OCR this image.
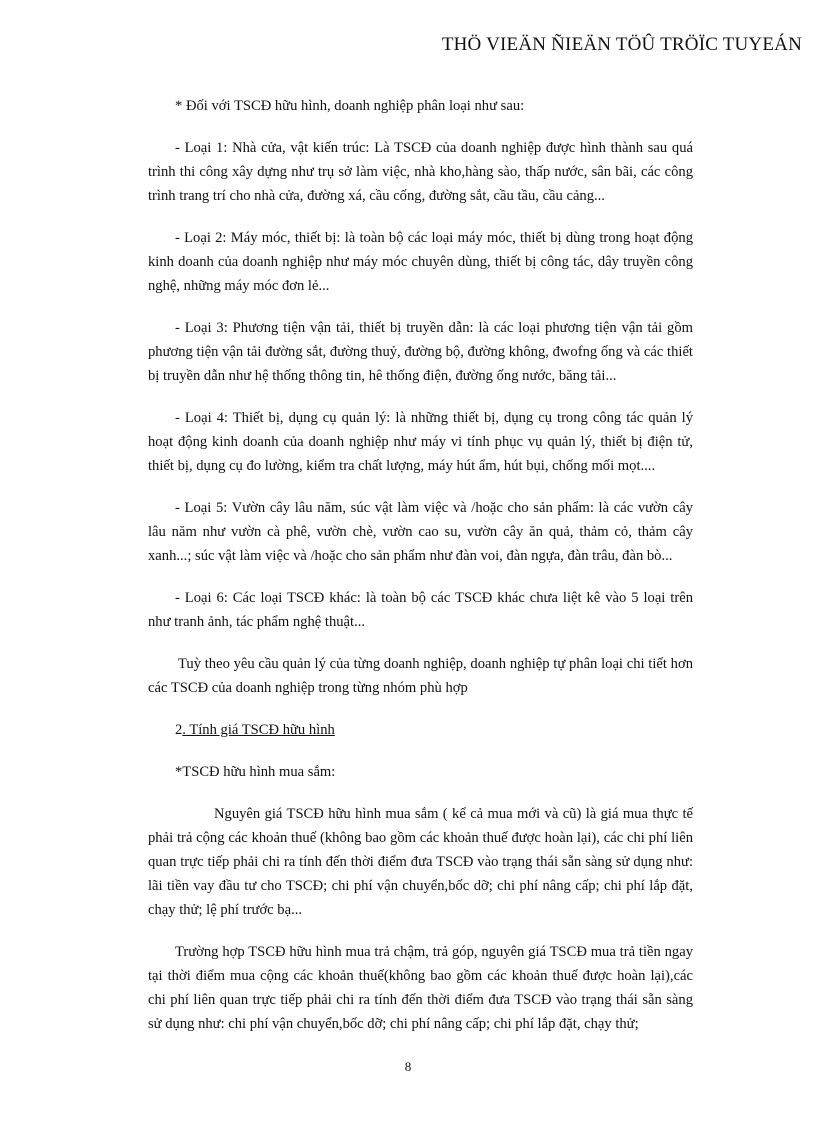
THÖ VIEÄN ÑIEÄN TÖÛ TRÖÏC TUYEÁN

* Đối với TSCĐ hữu hình, doanh nghiệp phân loại như sau:

- Loại 1: Nhà cửa, vật kiến trúc: Là TSCĐ của doanh nghiệp được hình thành sau quá trình thi công xây dựng như trụ sở làm việc, nhà kho,hàng sào, thấp nước, sân bãi, các công trình trang trí cho nhà cửa, đường xá, cầu cống, đường sắt, cầu tầu, cầu cảng...

- Loại 2: Máy móc, thiết bị: là toàn bộ các loại máy móc, thiết bị dùng trong hoạt động kinh doanh của doanh nghiệp như máy móc chuyên dùng, thiết bị công tác, dây truyền công nghệ, những máy móc đơn lẻ...

- Loại 3: Phương tiện vận tải, thiết bị truyền dẫn: là các loại phương tiện vận tải gồm phương tiện vận tải đường sắt, đường thuỷ, đường bộ, đường không, đwofng ống và các thiết bị truyền dẫn như hệ thống thông tin, hê thống điện, đường ống nước, băng tải...

- Loại 4: Thiết bị, dụng cụ quản lý: là những thiết bị, dụng cụ trong công tác quản lý hoạt động kinh doanh của doanh nghiệp như máy vi tính phục vụ quản lý, thiết bị điện tử, thiết bị, dụng cụ đo lường, kiểm tra chất lượng, máy hút ẩm, hút bụi, chống mối mọt....

- Loại 5: Vườn cây lâu năm, súc vật làm việc và /hoặc cho sản phẩm: là các vườn cây lâu năm như vườn cà phê, vườn chè, vườn cao su, vườn cây ăn quả, thảm cỏ, thảm cây xanh...; súc vật làm việc và /hoặc cho sản phẩm như đàn voi, đàn ngựa, đàn trâu, đàn bò...

- Loại 6: Các loại TSCĐ khác: là toàn bộ các TSCĐ khác chưa liệt kê vào 5 loại trên như tranh ảnh, tác phẩm nghệ thuật...

Tuỳ theo yêu cầu quản lý của từng doanh nghiệp, doanh nghiệp tự phân loại chi tiết hơn các TSCĐ của doanh nghiệp trong từng nhóm phù hợp

2. Tính giá TSCĐ hữu hình

*TSCĐ hữu hình mua sắm:

Nguyên giá TSCĐ hữu hình mua sắm ( kể cả mua mới và cũ) là giá mua thực tế phải trả cộng các khoản thuế (không bao gồm các khoản thuế được hoàn lại), các chi phí liên quan trực tiếp phải chi ra tính đến thời điểm đưa TSCĐ vào trạng thái sẵn sàng sử dụng như: lãi tiền vay đầu tư cho TSCĐ; chi phí vận chuyển,bốc dỡ; chi phí nâng cấp; chi phí lắp đặt, chạy thử; lệ phí trước bạ...

Trường hợp TSCĐ hữu hình mua trả chậm, trả góp, nguyên giá TSCĐ mua trả tiền ngay tại thời điểm mua cộng các khoản thuế(không bao gồm các khoản thuế được hoàn lại),các chi phí liên quan trực tiếp phải chi ra tính đến thời điểm đưa TSCĐ vào trạng thái sẵn sàng sử dụng như: chi phí vận chuyển,bốc dỡ; chi phí nâng cấp; chi phí lắp đặt, chạy thử;

8
